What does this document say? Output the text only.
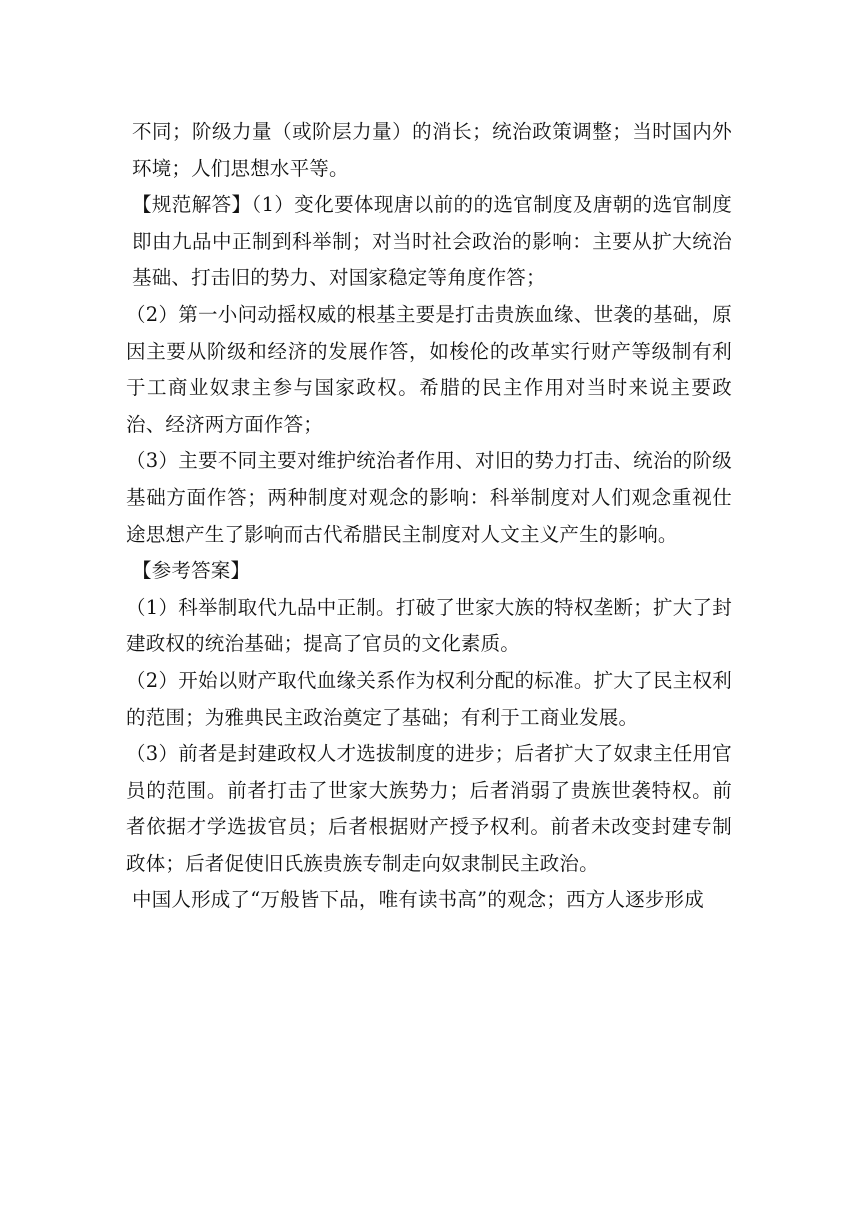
不同；阶级力量（或阶层力量）的消长；统治政策调整；当时国内外环境；人们思想水平等。

【规范解答】（1）变化要体现唐以前的的选官制度及唐朝的选官制度即由九品中正制到科举制；对当时社会政治的影响：主要从扩大统治基础、打击旧的势力、对国家稳定等角度作答；

（2）第一小问动摇权威的根基主要是打击贵族血缘、世袭的基础，原因主要从阶级和经济的发展作答，如梭伦的改革实行财产等级制有利于工商业奴隶主参与国家政权。希腊的民主作用对当时来说主要政治、经济两方面作答；

（3）主要不同主要对维护统治者作用、对旧的势力打击、统治的阶级基础方面作答；两种制度对观念的影响：科举制度对人们观念重视仕途思想产生了影响而古代希腊民主制度对人文主义产生的影响。

【参考答案】

（1）科举制取代九品中正制。打破了世家大族的特权垄断；扩大了封建政权的统治基础；提高了官员的文化素质。

（2）开始以财产取代血缘关系作为权利分配的标准。扩大了民主权利的范围；为雅典民主政治奠定了基础；有利于工商业发展。

（3）前者是封建政权人才选拔制度的进步；后者扩大了奴隶主任用官员的范围。前者打击了世家大族势力；后者消弱了贵族世袭特权。前者依据才学选拔官员；后者根据财产授予权利。前者未改变封建专制政体；后者促使旧氏族贵族专制走向奴隶制民主政治。

中国人形成了“万般皆下品，唯有读书高”的观念；西方人逐步形成
